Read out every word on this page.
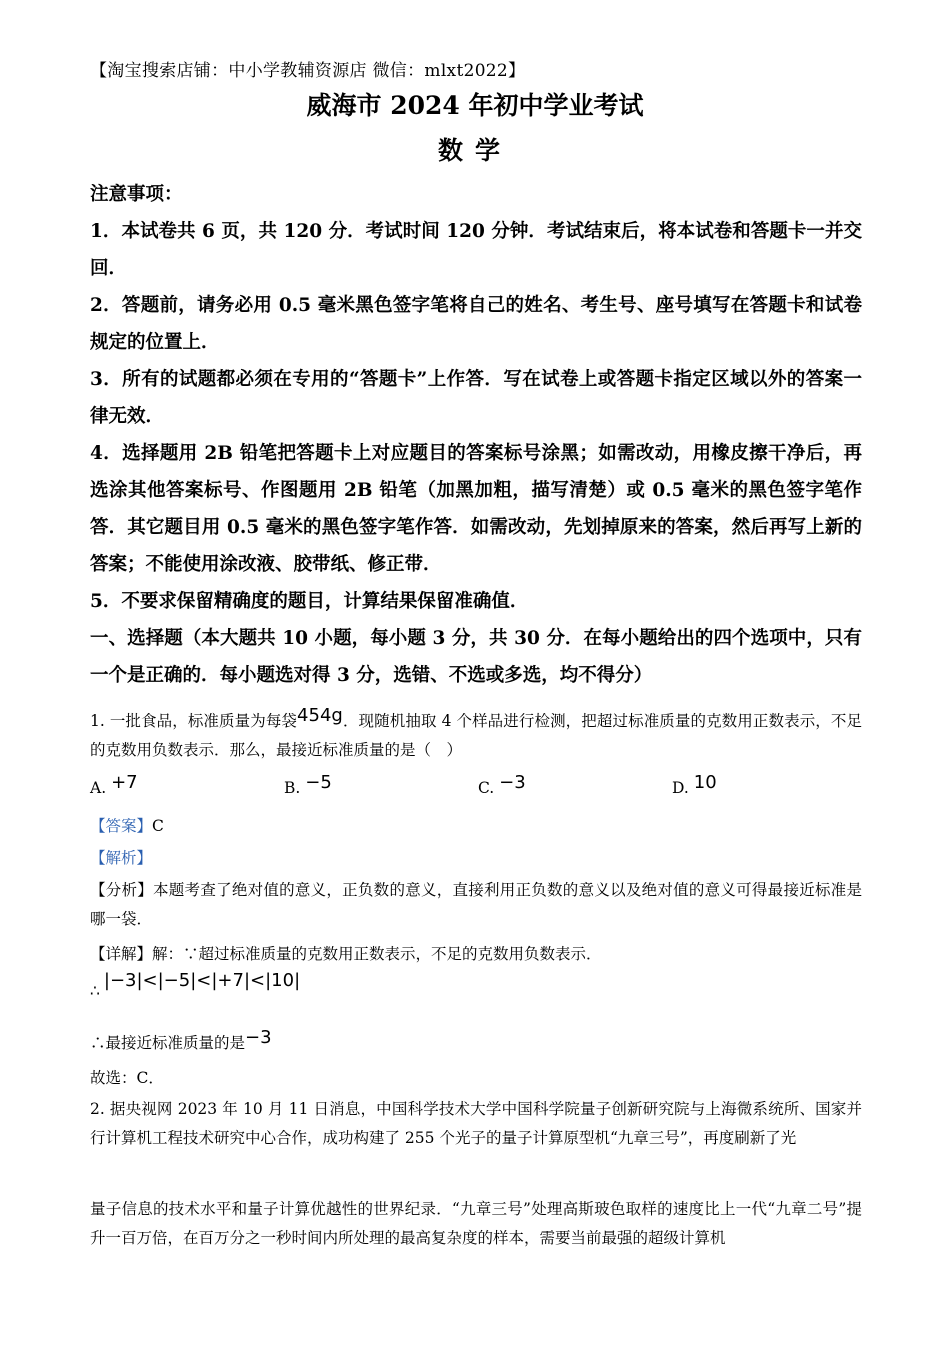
【淘宝搜索店铺：中小学教辅资源店 微信：mlxt2022】
威海市 2024 年初中学业考试
数学
注意事项：
1．本试卷共 6 页，共 120 分．考试时间 120 分钟．考试结束后，将本试卷和答题卡一并交回．
2．答题前，请务必用 0.5 毫米黑色签字笔将自己的姓名、考生号、座号填写在答题卡和试卷规定的位置上．
3．所有的试题都必须在专用的“答题卡”上作答．写在试卷上或答题卡指定区域以外的答案一律无效．
4．选择题用 2B 铅笔把答题卡上对应题目的答案标号涂黑；如需改动，用橡皮擦干净后，再选涂其他答案标号、作图题用 2B 铅笔（加黑加粗，描写清楚）或 0.5 毫米的黑色签字笔作答．其它题目用 0.5 毫米的黑色签字笔作答．如需改动，先划掉原来的答案，然后再写上新的答案；不能使用涂改液、胶带纸、修正带．
5．不要求保留精确度的题目，计算结果保留准确值．
一、选择题（本大题共 10 小题，每小题 3 分，共 30 分．在每小题给出的四个选项中，只有一个是正确的．每小题选对得 3 分，选错、不选或多选，均不得分）
1. 一批食品，标准质量为每袋454g．现随机抽取 4 个样品进行检测，把超过标准质量的克数用正数表示，不足的克数用负数表示．那么，最接近标准质量的是（　）
A. +7	B. −5	C. −3	D. 10
【答案】C
【解析】
【分析】本题考查了绝对值的意义，正负数的意义，直接利用正负数的意义以及绝对值的意义可得最接近标准是哪一袋．
【详解】解：∵超过标准质量的克数用正数表示，不足的克数用负数表示．
∴ |−3|<|−5|<|+7|<|10|
∴最接近标准质量的是−3
故选：C．
2. 据央视网 2023 年 10 月 11 日消息，中国科学技术大学中国科学院量子创新研究院与上海微系统所、国家并行计算机工程技术研究中心合作，成功构建了 255 个光子的量子计算原型机“九章三号”，再度刷新了光
量子信息的技术水平和量子计算优越性的世界纪录．“九章三号”处理高斯玻色取样的速度比上一代“九章二号”提升一百万倍，在百万分之一秒时间内所处理的最高复杂度的样本，需要当前最强的超级计算机
